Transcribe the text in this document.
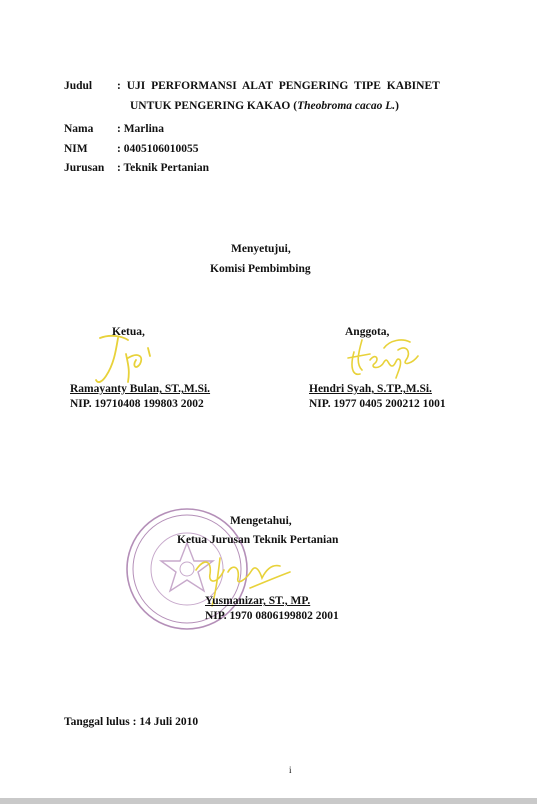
Judul : UJI PERFORMANSI ALAT PENGERING TIPE KABINET
UNTUK PENGERING KAKAO (Theobroma cacao L.)
Nama : Marlina
NIM	: 0405106010055
Jurusan : Teknik Pertanian
Menyetujui,
Komisi Pembimbing
Ketua,
Ramayanty Bulan, ST.,M.Si.
NIP. 19710408 199803 2002
Anggota,
Hendri Syah, S.TP.,M.Si.
NIP. 1977 0405 200212 1001
Mengetahui,
Ketua Jurusan Teknik Pertanian
Yusmanizar, ST., MP.
NIP. 1970 0806199802 2001
Tanggal lulus : 14 Juli 2010
i
